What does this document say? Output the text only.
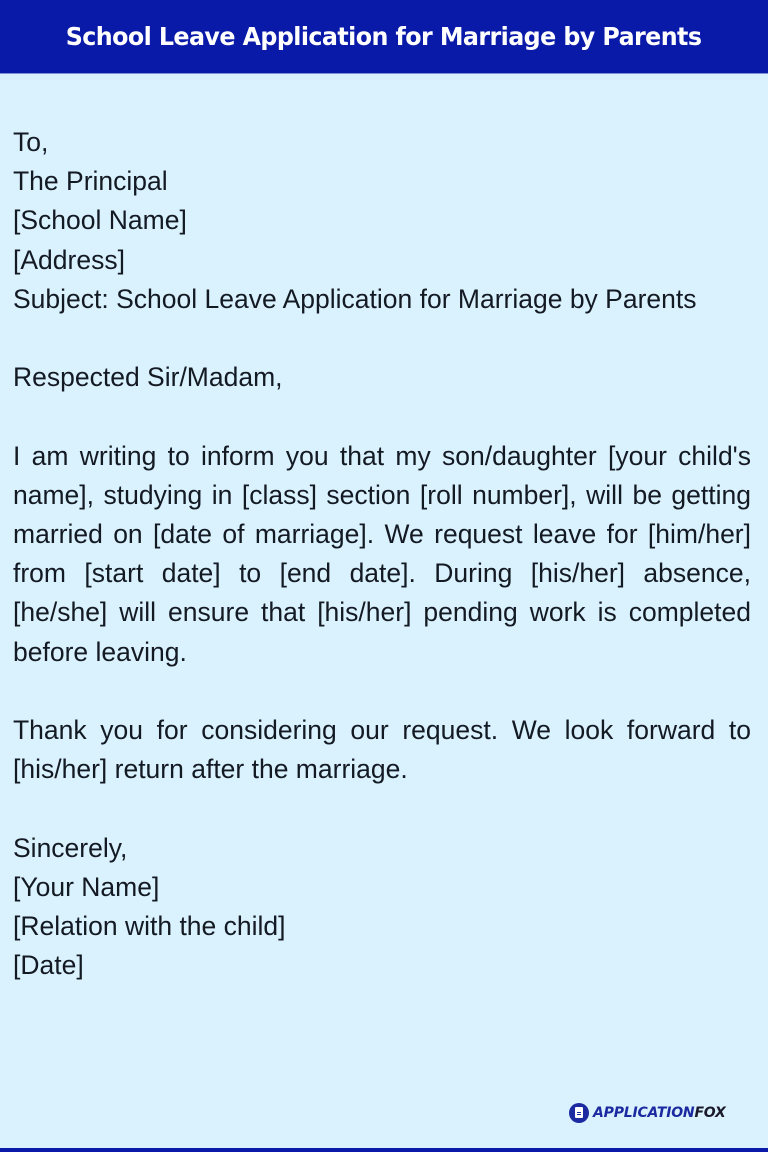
School Leave Application for Marriage by Parents
To,
The Principal
[School Name]
[Address]

Subject: School Leave Application for Marriage by Parents

Respected Sir/Madam,

I am writing to inform you that my son/daughter [your child's name], studying in [class] section [roll number], will be getting married on [date of marriage]. We request leave for [him/her] from [start date] to [end date]. During [his/her] absence, [he/she] will ensure that [his/her] pending work is completed before leaving.

Thank you for considering our request. We look forward to [his/her] return after the marriage.

Sincerely,
[Your Name]
[Relation with the child]
[Date]
APPLICATIONFOX
